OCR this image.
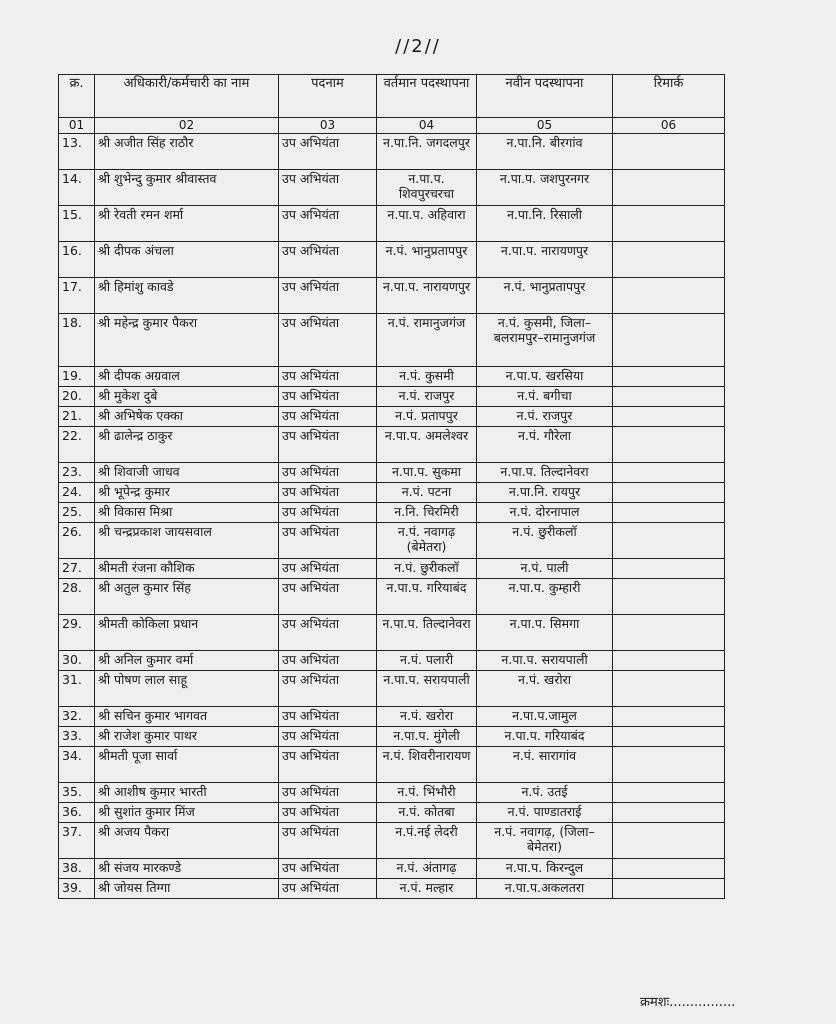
//2//
क्र.	अधिकारी/कर्मचारी का नाम	पदनाम	वर्तमान पदस्थापना	नवीन पदस्थापना	रिमार्क
01	02	03	04	05	06
13.	श्री अजीत सिंह राठौर	उप अभियंता	न.पा.नि. जगदलपुर	न.पा.नि. बीरगांव	
14.	श्री शुभेन्दु कुमार श्रीवास्तव	उप अभियंता	न.पा.प. शिवपुरचरचा	न.पा.प. जशपुरनगर	
15.	श्री रेवती रमन शर्मा	उप अभियंता	न.पा.प. अहिवारा	न.पा.नि. रिसाली	
16.	श्री दीपक अंचला	उप अभियंता	न.पं. भानुप्रतापपुर	न.पा.प. नारायणपुर	
17.	श्री हिमांशु कावडे	उप अभियंता	न.पा.प. नारायणपुर	न.पं. भानुप्रतापपुर	
18.	श्री महेन्द्र कुमार पैकरा	उप अभियंता	न.पं. रामानुजगंज	न.पं. कुसमी, जिला–बलरामपुर–रामानुजगंज	
19.	श्री दीपक अग्रवाल	उप अभियंता	न.पं. कुसमी	न.पा.प. खरसिया	
20.	श्री मुकेश दुबे	उप अभियंता	न.पं. राजपुर	न.पं. बगीचा	
21.	श्री अभिषेक एक्का	उप अभियंता	न.पं. प्रतापपुर	न.पं. राजपुर	
22.	श्री ढालेन्द्र ठाकुर	उप अभियंता	न.पा.प. अमलेश्वर	न.पं. गौरेला	
23.	श्री शिवाजी जाधव	उप अभियंता	न.पा.प. सुकमा	न.पा.प. तिल्दानेवरा	
24.	श्री भूपेन्द्र कुमार	उप अभियंता	न.पं. पटना	न.पा.नि. रायपुर	
25.	श्री विकास मिश्रा	उप अभियंता	न.नि. चिरमिरी	न.पं. दोरनापाल	
26.	श्री चन्द्रप्रकाश जायसवाल	उप अभियंता	न.पं. नवागढ़ (बेमेतरा)	न.पं. छुरीकलॉ	
27.	श्रीमती रंजना कौशिक	उप अभियंता	न.पं. छुरीकलॉ	न.पं. पाली	
28.	श्री अतुल कुमार सिंह	उप अभियंता	न.पा.प. गरियाबंद	न.पा.प. कुम्हारी	
29.	श्रीमती कोकिला प्रधान	उप अभियंता	न.पा.प. तिल्दानेवरा	न.पा.प. सिमगा	
30.	श्री अनिल कुमार वर्मा	उप अभियंता	न.पं. पलारी	न.पा.प. सरायपाली	
31.	श्री पोषण लाल साहू	उप अभियंता	न.पा.प. सरायपाली	न.पं. खरोरा	
32.	श्री सचिन कुमार भागवत	उप अभियंता	न.पं. खरोरा	न.पा.प.जामुल	
33.	श्री राजेश कुमार पाथर	उप अभियंता	न.पा.प. मुंगेली	न.पा.प. गरियाबंद	
34.	श्रीमती पूजा सार्वा	उप अभियंता	न.पं. शिवरीनारायण	न.पं. सारागांव	
35.	श्री आशीष कुमार भारती	उप अभियंता	न.पं. भिंभौरी	न.पं. उतई	
36.	श्री सुशांत कुमार मिंज	उप अभियंता	न.पं. कोतबा	न.पं. पाण्डातराई	
37.	श्री अजय पैकरा	उप अभियंता	न.पं.नई लेदरी	न.पं. नवागढ़, (जिला–बेमेतरा)	
38.	श्री संजय मारकण्डे	उप अभियंता	न.पं. अंतागढ़	न.पा.प. किरन्दुल	
39.	श्री जोयस तिग्गा	उप अभियंता	न.पं. मल्हार	न.पा.प.अकलतरा	
क्रमशः................
